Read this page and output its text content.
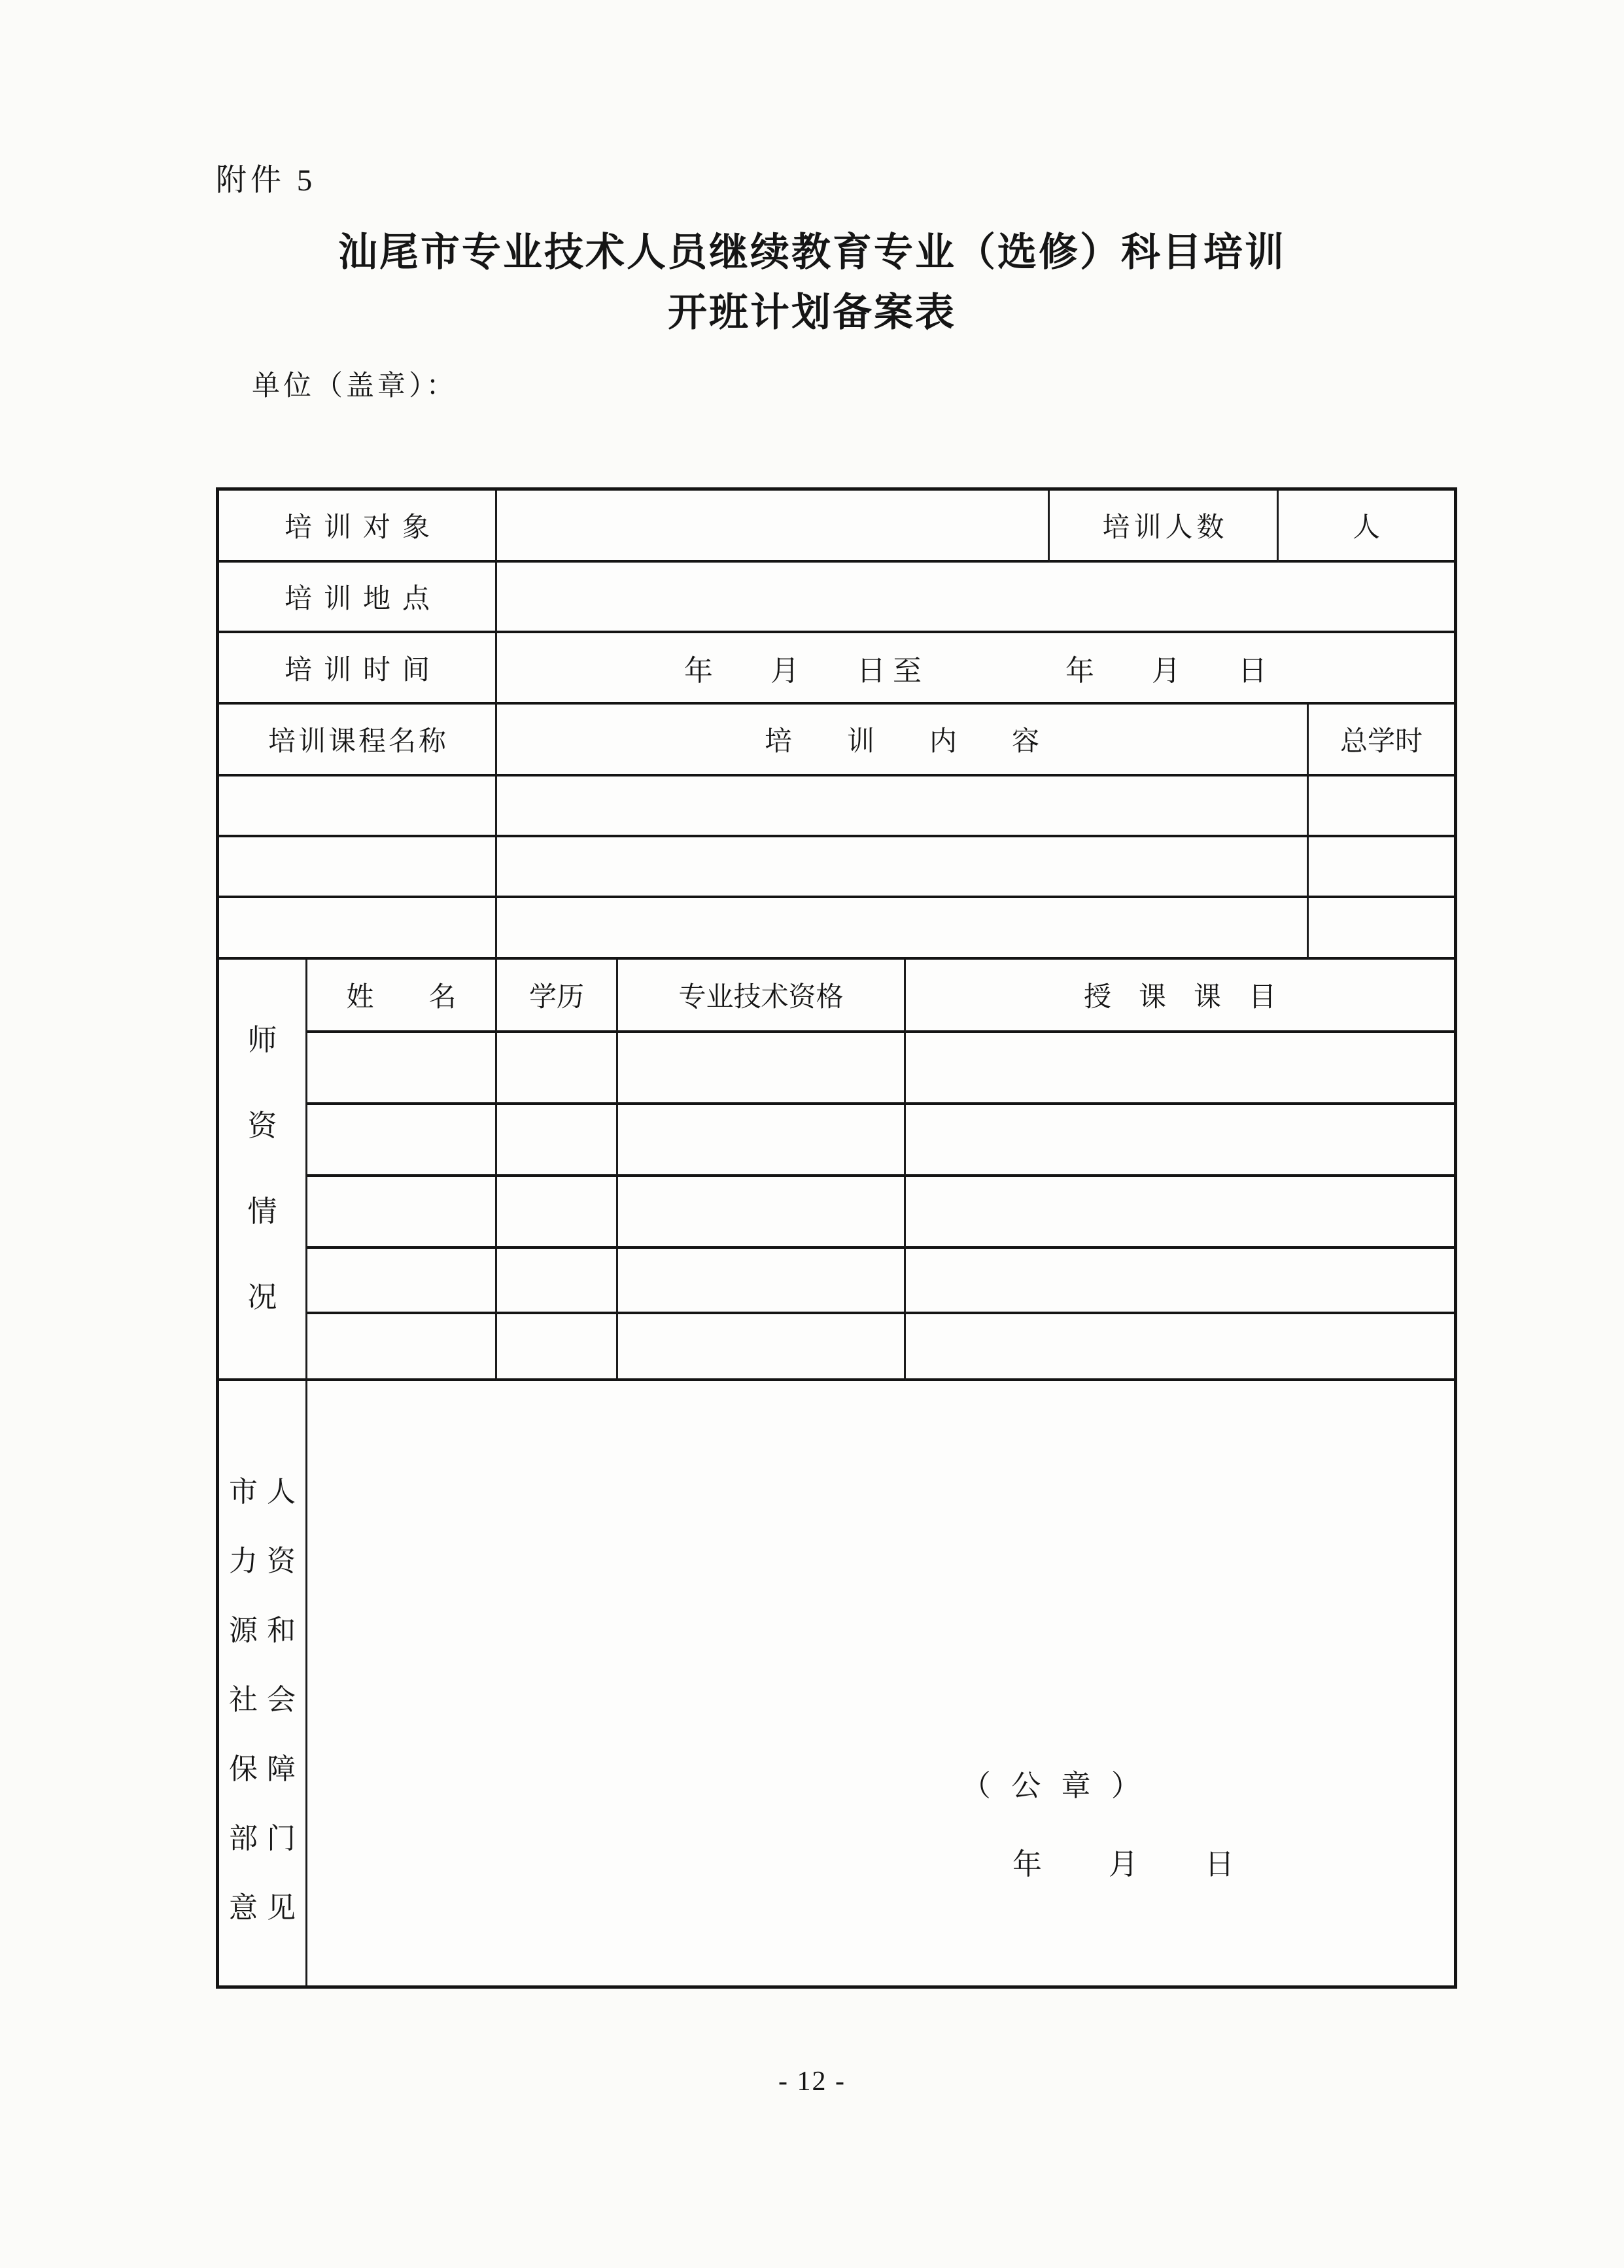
附件 5
汕尾市专业技术人员继续教育专业（选修）科目培训
开班计划备案表
单位（盖章）：
培训对象	培训人数	人
培训地点
培训时间	年　　月　　日 至　　　　　年　　月　　日
培训课程名称	培　　训　　内　　容	总学时
师
资
情
况
姓　　名	学历	专业技术资格	授　课　课　目
市人
力资
源和
社会
保障
部门
意见
（ 公 章 ）
年　　月　　日
- 12 -
